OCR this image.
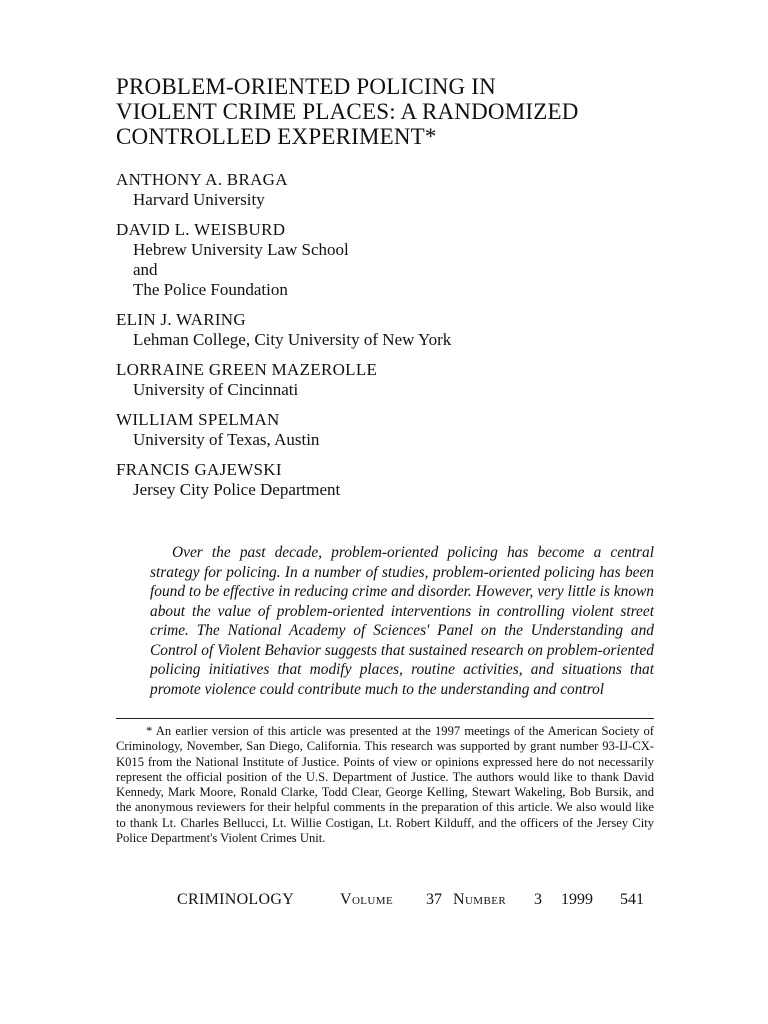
PROBLEM-ORIENTED POLICING IN
VIOLENT CRIME PLACES: A RANDOMIZED
CONTROLLED EXPERIMENT*
ANTHONY A. BRAGA
Harvard University
DAVID L. WEISBURD
Hebrew University Law School
and
The Police Foundation
ELIN J. WARING
Lehman College, City University of New York
LORRAINE GREEN MAZEROLLE
University of Cincinnati
WILLIAM SPELMAN
University of Texas, Austin
FRANCIS GAJEWSKI
Jersey City Police Department

Over the past decade, problem-oriented policing has become a central strategy for policing. In a number of studies, problem-oriented policing has been found to be effective in reducing crime and disorder. However, very little is known about the value of problem-oriented interventions in controlling violent street crime. The National Academy of Sciences' Panel on the Understanding and Control of Violent Behavior suggests that sustained research on problem-oriented policing initiatives that modify places, routine activities, and situations that promote violence could contribute much to the understanding and control

* An earlier version of this article was presented at the 1997 meetings of the American Society of Criminology, November, San Diego, California. This research was supported by grant number 93-IJ-CX-K015 from the National Institute of Justice. Points of view or opinions expressed here do not necessarily represent the official position of the U.S. Department of Justice. The authors would like to thank David Kennedy, Mark Moore, Ronald Clarke, Todd Clear, George Kelling, Stewart Wakeling, Bob Bursik, and the anonymous reviewers for their helpful comments in the preparation of this article. We also would like to thank Lt. Charles Bellucci, Lt. Willie Costigan, Lt. Robert Kilduff, and the officers of the Jersey City Police Department's Violent Crimes Unit.

CRIMINOLOGY	Volume 37 Number 3 1999 541
